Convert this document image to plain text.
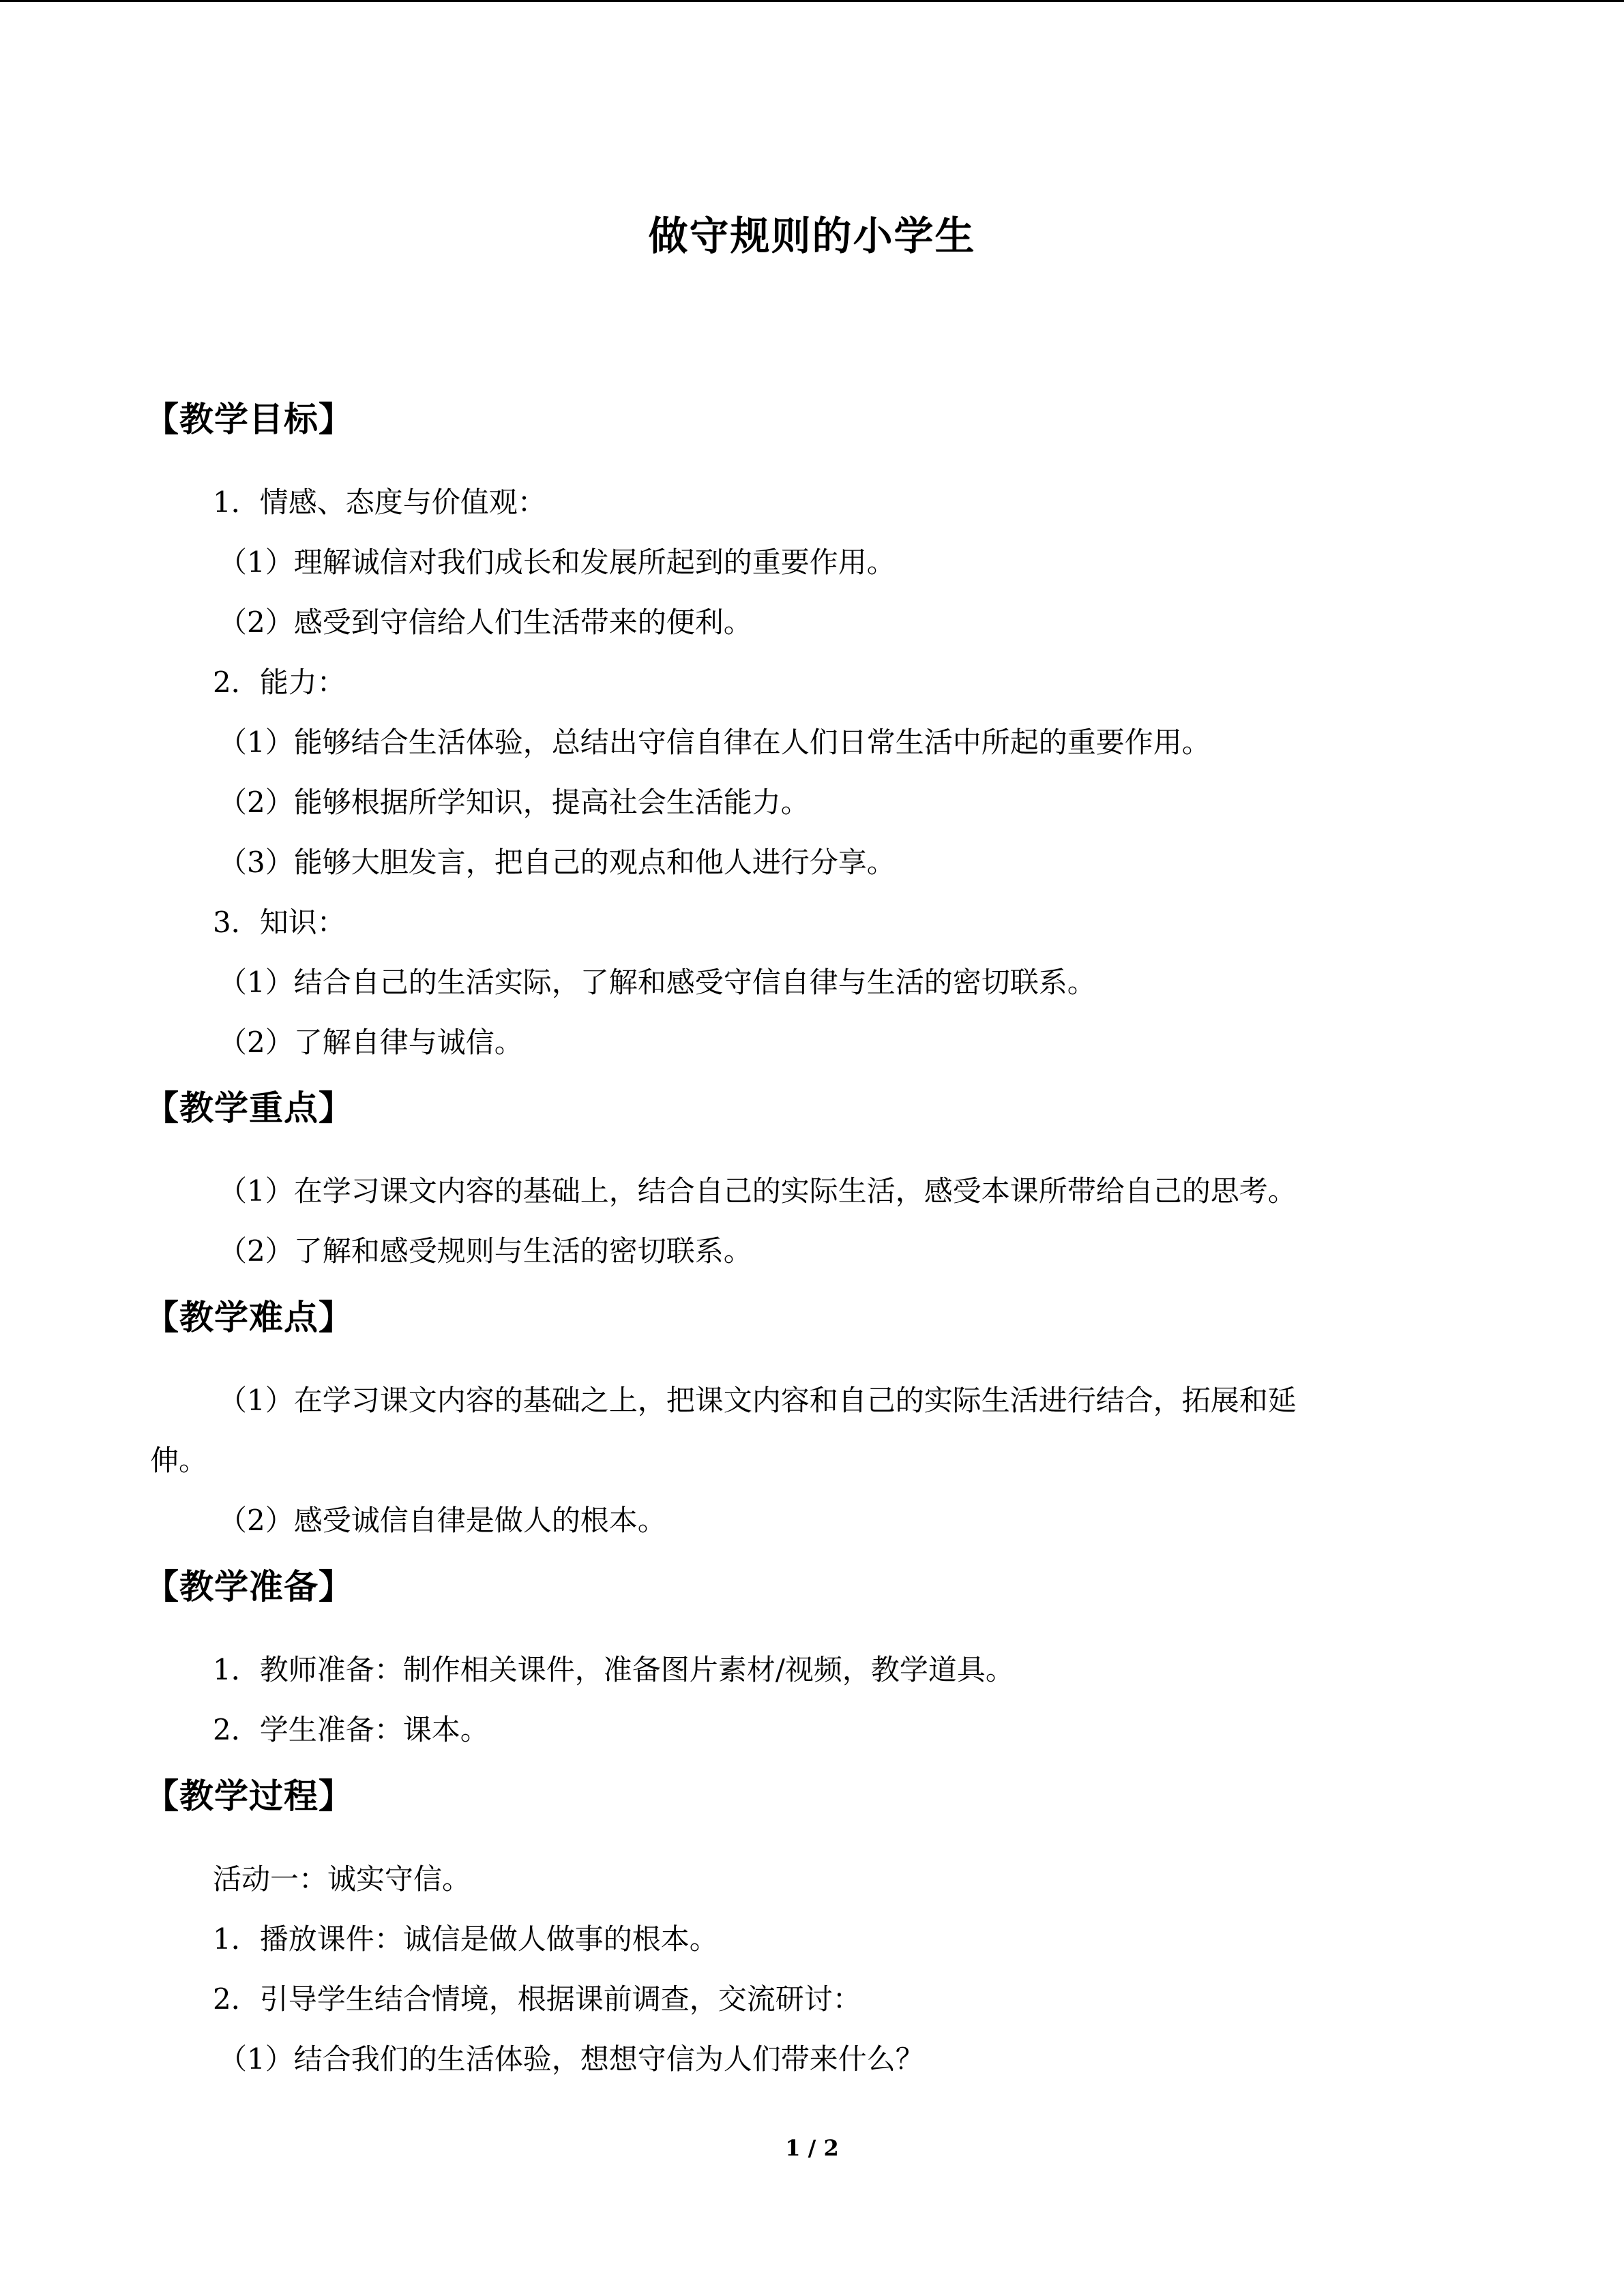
做守规则的小学生
【教学目标】
1．情感、态度与价值观：
（1）理解诚信对我们成长和发展所起到的重要作用。
（2）感受到守信给人们生活带来的便利。
2．能力：
（1）能够结合生活体验，总结出守信自律在人们日常生活中所起的重要作用。
（2）能够根据所学知识，提高社会生活能力。
（3）能够大胆发言，把自己的观点和他人进行分享。
3．知识：
（1）结合自己的生活实际，了解和感受守信自律与生活的密切联系。
（2）了解自律与诚信。
【教学重点】
（1）在学习课文内容的基础上，结合自己的实际生活，感受本课所带给自己的思考。
（2）了解和感受规则与生活的密切联系。
【教学难点】
（1）在学习课文内容的基础之上，把课文内容和自己的实际生活进行结合，拓展和延
伸。
（2）感受诚信自律是做人的根本。
【教学准备】
1．教师准备：制作相关课件，准备图片素材/视频，教学道具。
2．学生准备：课本。
【教学过程】
活动一：诚实守信。
1．播放课件：诚信是做人做事的根本。
2．引导学生结合情境，根据课前调查，交流研讨：
（1）结合我们的生活体验，想想守信为人们带来什么？
1 / 2
